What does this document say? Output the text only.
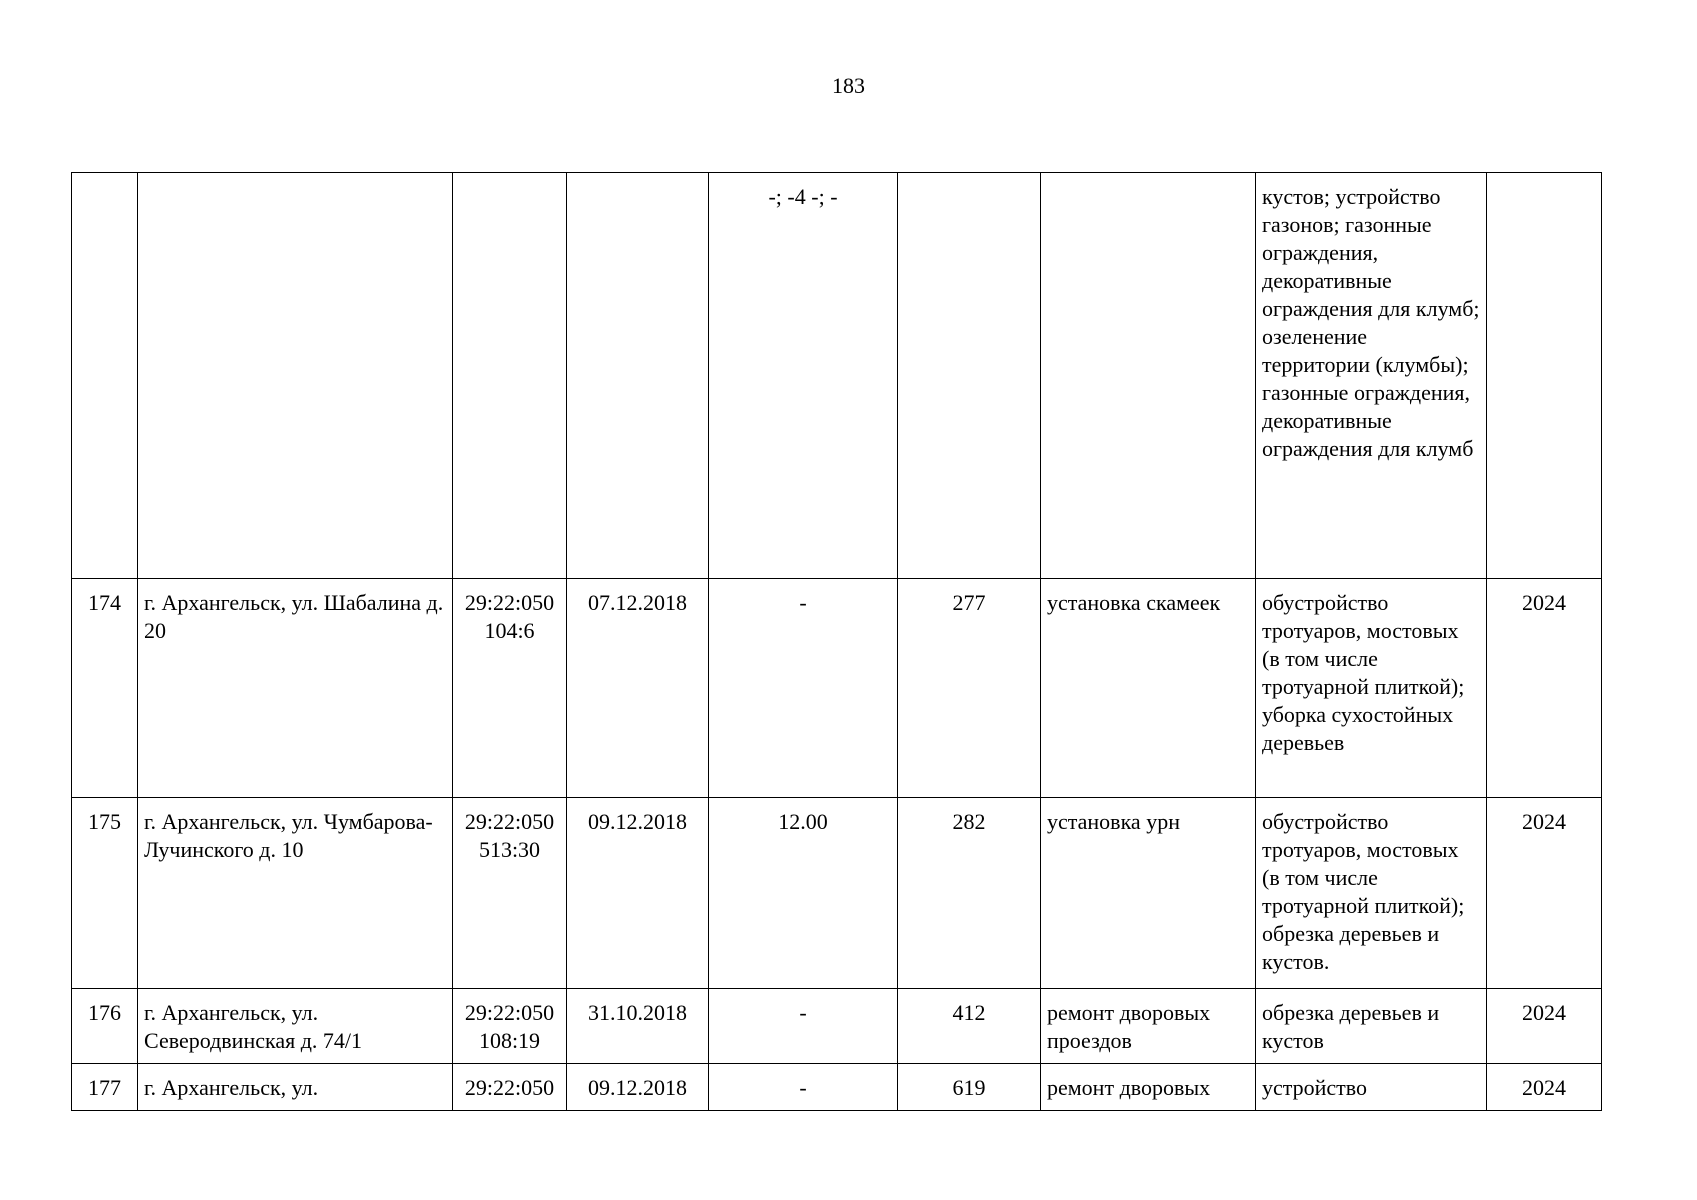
183
				-; -4 -; -			кустов; устройство газонов; газонные ограждения, декоративные ограждения для клумб; озеленение территории (клумбы); газонные ограждения, декоративные ограждения для клумб	
174	г. Архангельск, ул. Шабалина д. 20	29:22:050 104:6	07.12.2018	-	277	установка скамеек	обустройство тротуаров, мостовых (в том числе тротуарной плиткой); уборка сухостойных деревьев	2024
175	г. Архангельск, ул. Чумбарова-Лучинского д. 10	29:22:050 513:30	09.12.2018	12.00	282	установка урн	обустройство тротуаров, мостовых (в том числе тротуарной плиткой); обрезка деревьев и кустов.	2024
176	г. Архангельск, ул. Северодвинская д. 74/1	29:22:050 108:19	31.10.2018	-	412	ремонт дворовых проездов	обрезка деревьев и кустов	2024
177	г. Архангельск, ул.	29:22:050	09.12.2018	-	619	ремонт дворовых	устройство	2024
